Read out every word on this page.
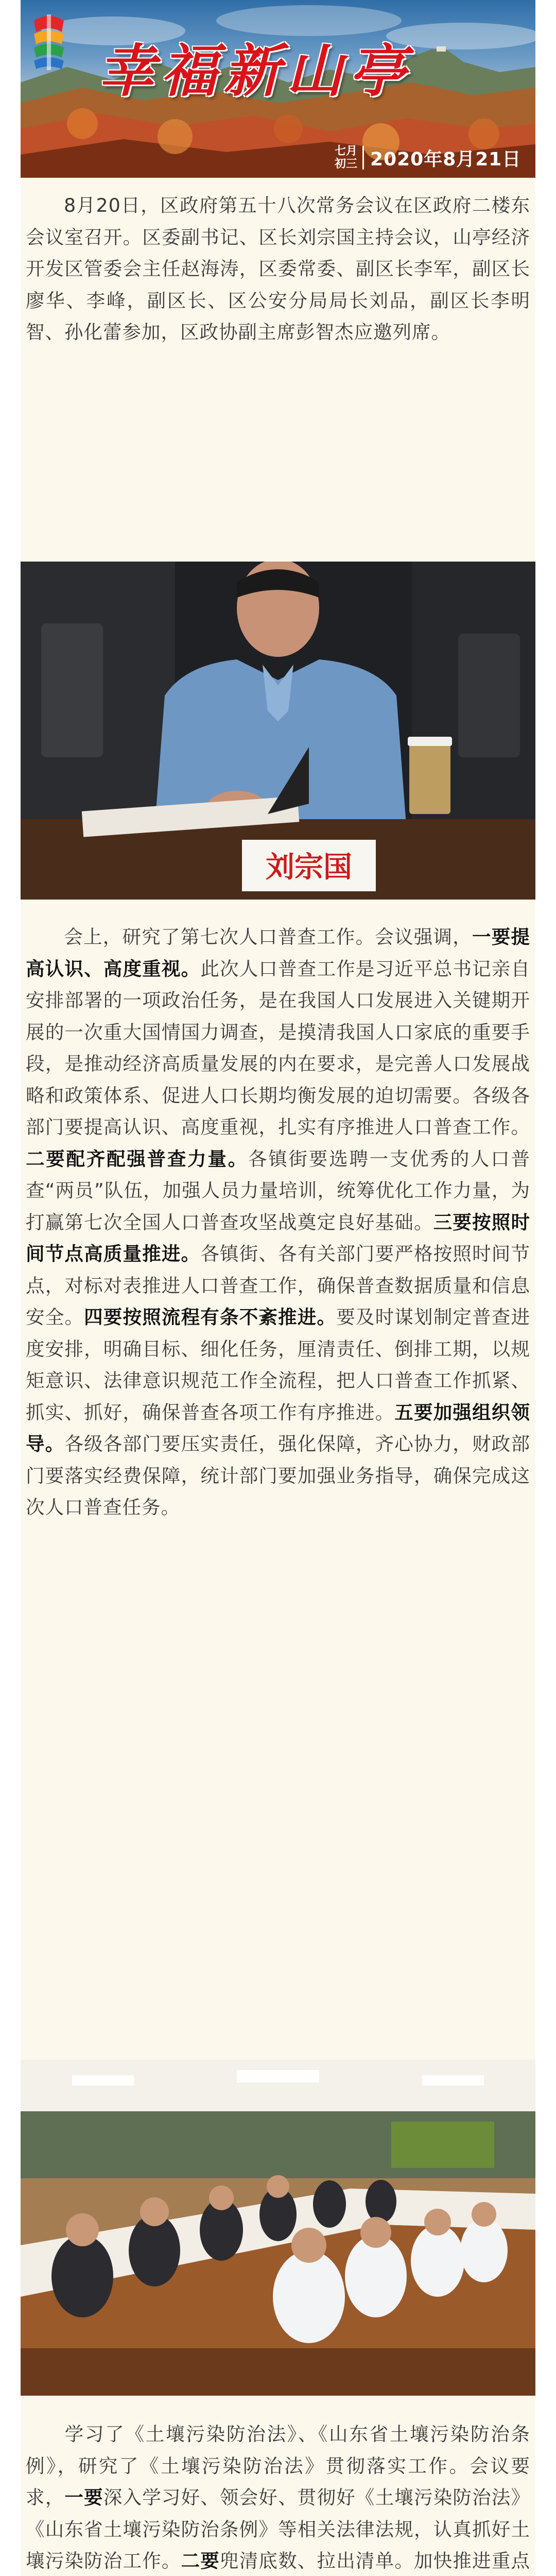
幸福新山亭
七月
初三 2020年8月21日

8月20日，区政府第五十八次常务会议在区政府二楼东会议室召开。区委副书记、区长刘宗国主持会议，山亭经济开发区管委会主任赵海涛，区委常委、副区长李军，副区长廖华、李峰，副区长、区公安分局局长刘品，副区长李明智、孙化蕾参加，区政协副主席彭智杰应邀列席。

刘宗国

会上，研究了第七次人口普查工作。会议强调，一要提高认识、高度重视。此次人口普查工作是习近平总书记亲自安排部署的一项政治任务，是在我国人口发展进入关键期开展的一次重大国情国力调查，是摸清我国人口家底的重要手段，是推动经济高质量发展的内在要求，是完善人口发展战略和政策体系、促进人口长期均衡发展的迫切需要。各级各部门要提高认识、高度重视，扎实有序推进人口普查工作。二要配齐配强普查力量。各镇街要选聘一支优秀的人口普查“两员”队伍，加强人员力量培训，统筹优化工作力量，为打赢第七次全国人口普查攻坚战奠定良好基础。三要按照时间节点高质量推进。各镇街、各有关部门要严格按照时间节点，对标对表推进人口普查工作，确保普查数据质量和信息安全。四要按照流程有条不紊推进。要及时谋划制定普查进度安排，明确目标、细化任务，厘清责任、倒排工期，以规矩意识、法律意识规范工作全流程，把人口普查工作抓紧、抓实、抓好，确保普查各项工作有序推进。五要加强组织领导。各级各部门要压实责任，强化保障，齐心协力，财政部门要落实经费保障，统计部门要加强业务指导，确保完成这次人口普查任务。

学习了《土壤污染防治法》、《山东省土壤污染防治条例》，研究了《土壤污染防治法》贯彻落实工作。会议要求，一要深入学习好、领会好、贯彻好《土壤污染防治法》《山东省土壤污染防治条例》等相关法律法规，认真抓好土壤污染防治工作。二要兜清底数、拉出清单。加快推进重点
